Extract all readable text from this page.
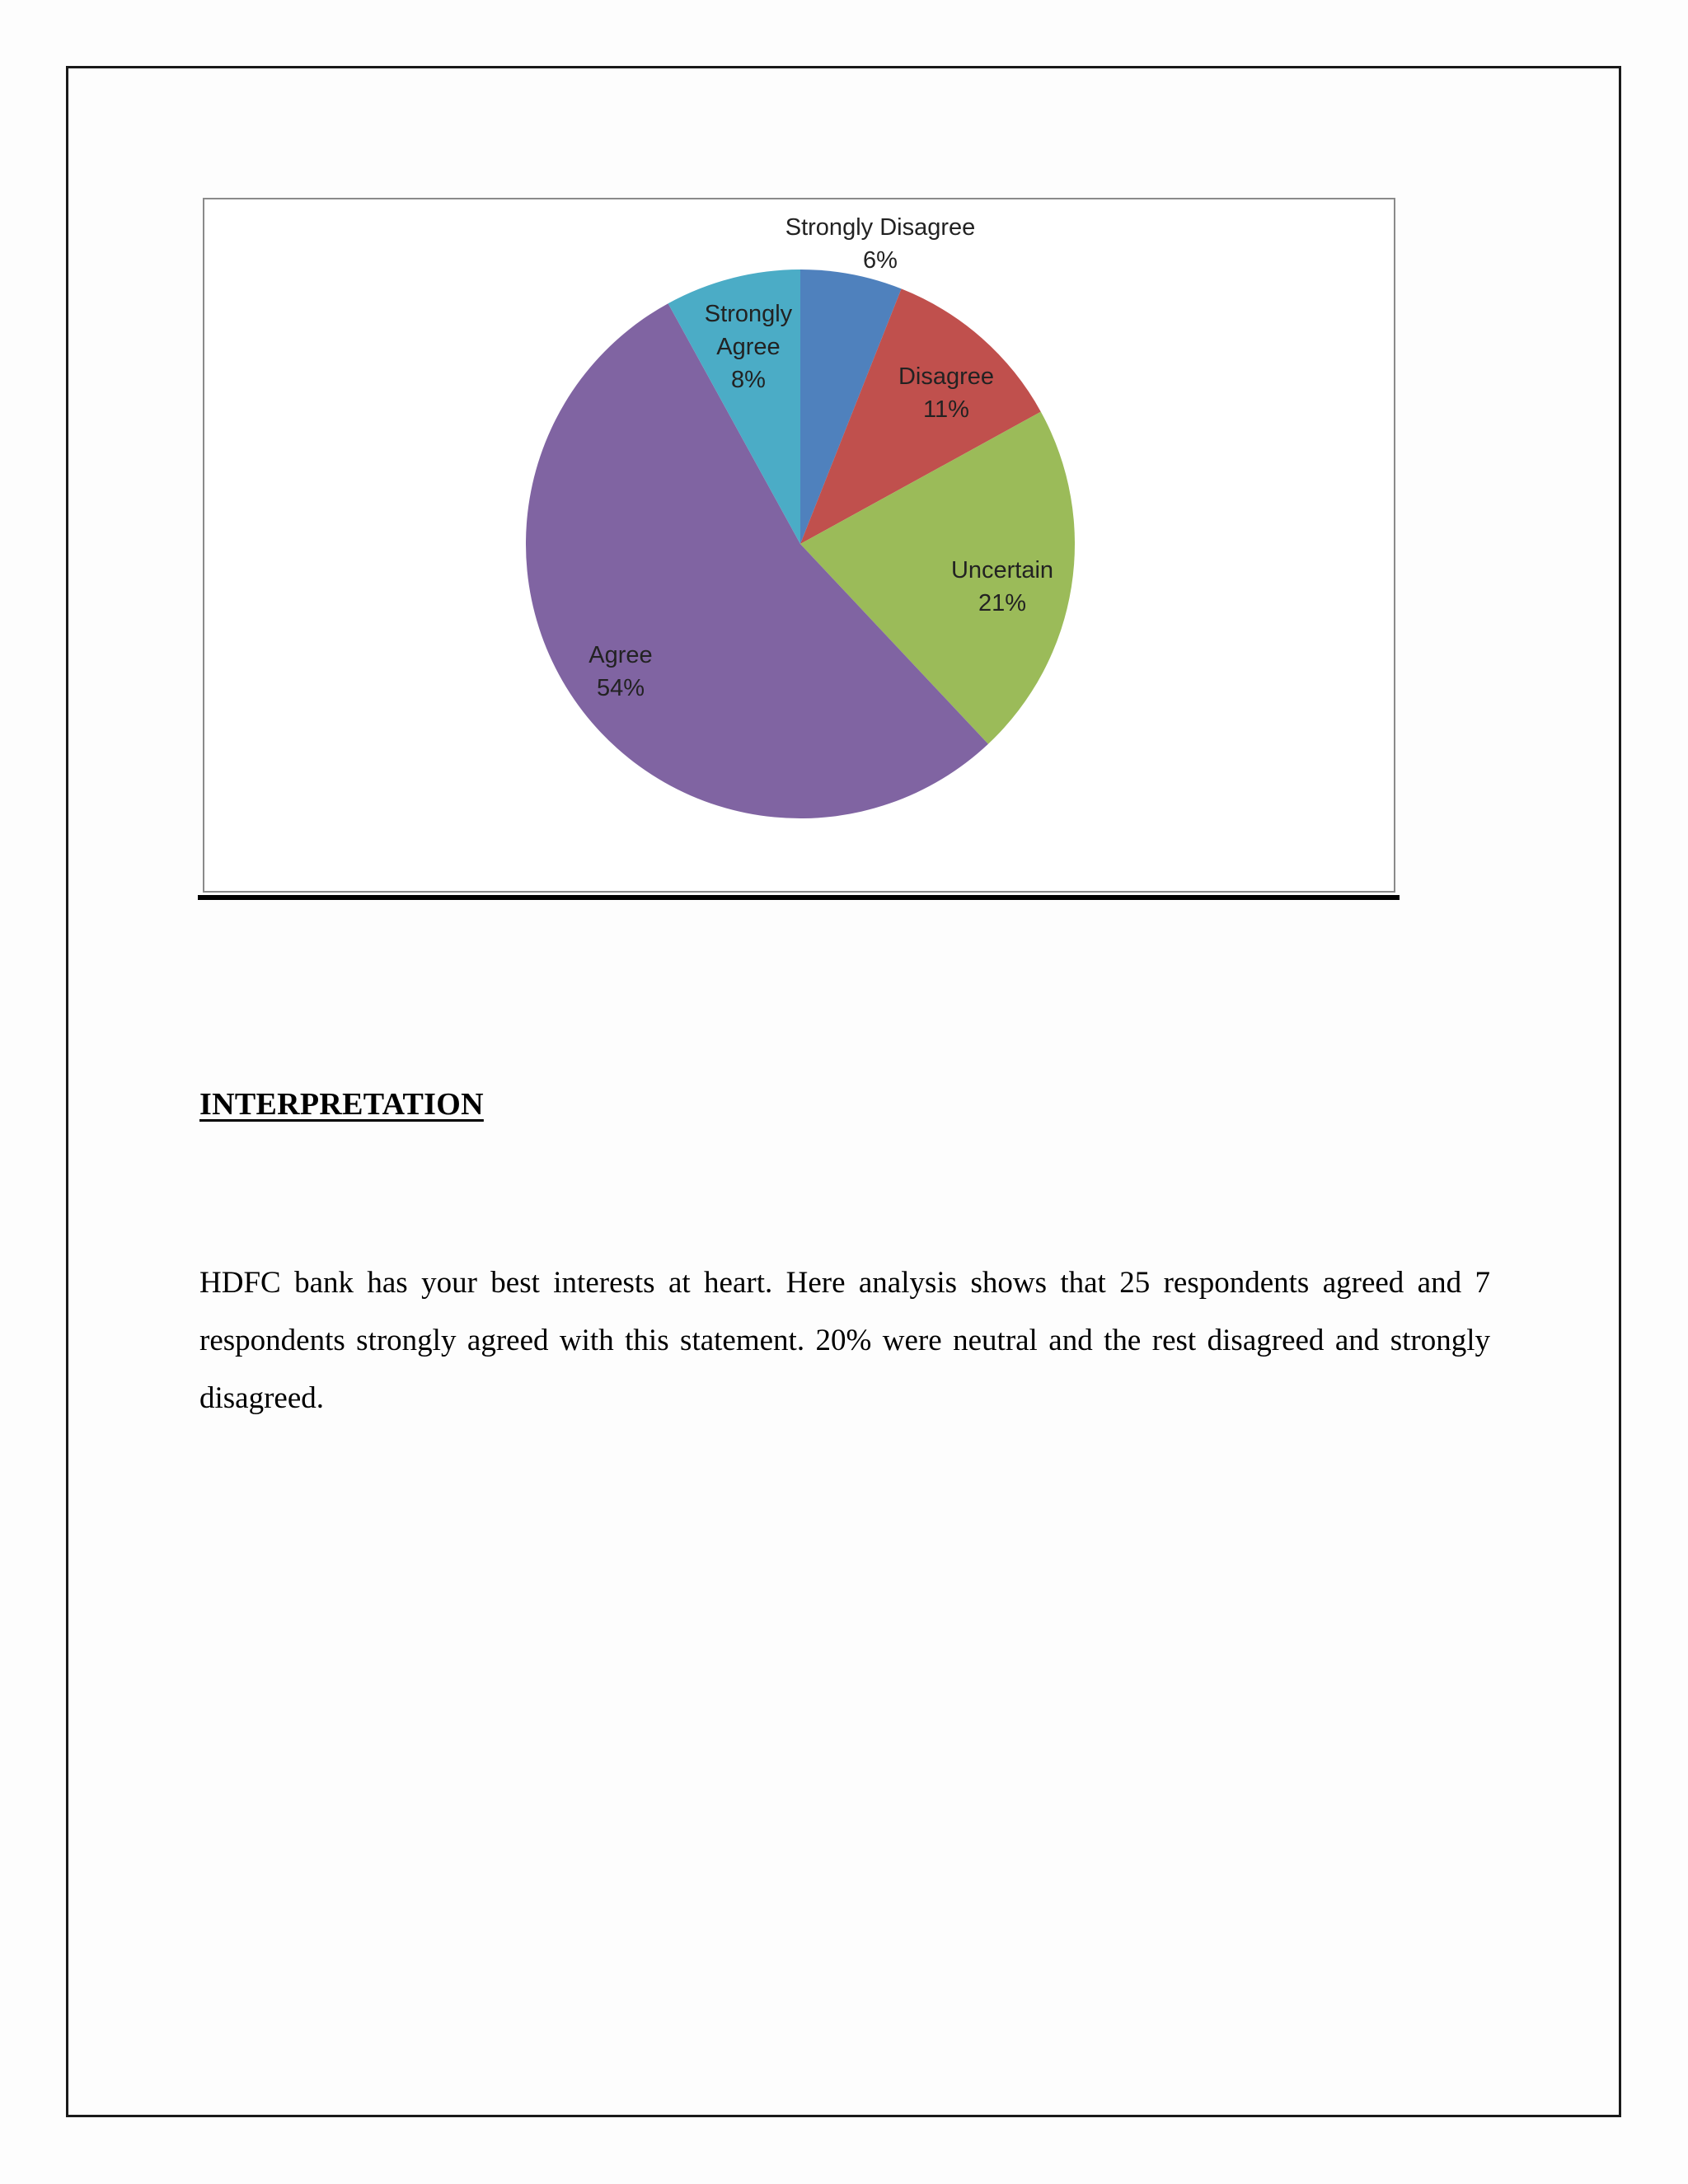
Strongly Disagree 6%
Disagree 11%
Uncertain 21%
Agree 54%
Strongly Agree 8%
INTERPRETATION

HDFC bank has your best interests at heart. Here analysis shows that 25 respondents agreed and 7 respondents strongly agreed with this statement. 20% were neutral and the rest disagreed and strongly disagreed.
